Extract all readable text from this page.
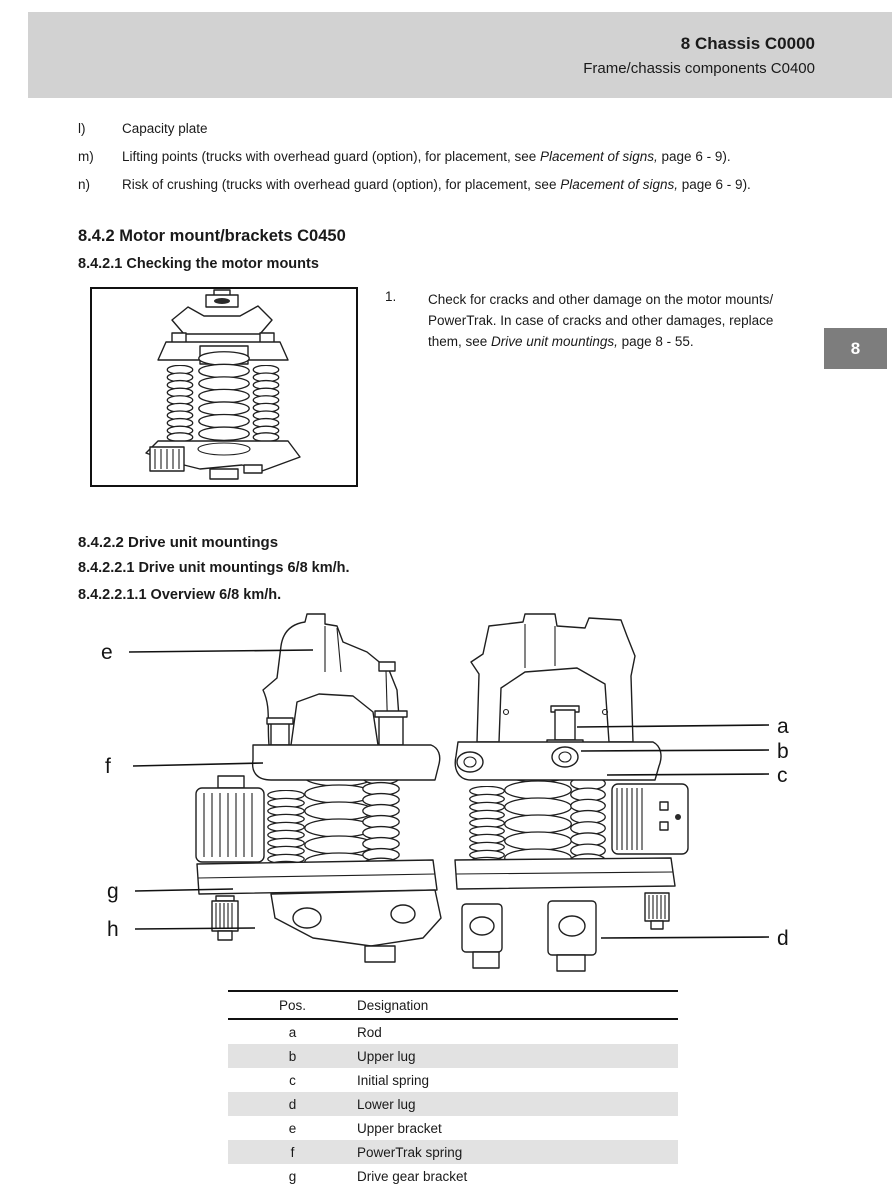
8 Chassis C0000
Frame/chassis components C0400
8
l)	Capacity plate
m) Lifting points (trucks with overhead guard (option), for placement, see Placement of signs, page 6 - 9).
n) Risk of crushing (trucks with overhead guard (option), for placement, see Placement of signs, page 6 - 9).
8.4.2 Motor mount/brackets C0450
8.4.2.1 Checking the motor mounts
1. Check for cracks and other damage on the motor mounts/ PowerTrak. In case of cracks and other damages, replace them, see Drive unit mountings, page 8 - 55.
8.4.2.2 Drive unit mountings
8.4.2.2.1 Drive unit mountings 6/8 km/h.
8.4.2.2.1.1 Overview 6/8 km/h.
e
f
g
h
a
b
c
d
Pos.	Designation
a	Rod
b	Upper lug
c	Initial spring
d	Lower lug
e	Upper bracket
f	PowerTrak spring
g	Drive gear bracket
